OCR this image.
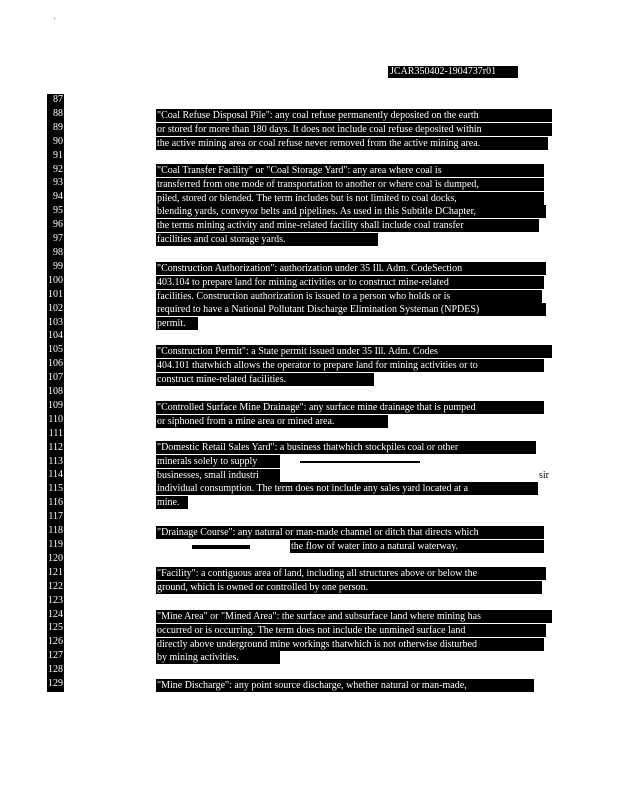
JCAR350402-1904737r01
87
88
89
90
91
92
93
94
95
96
97
98
99
100
101
102
103
104
105
106
107
108
109
110
111
112
113
114
115
116
117
118
119
120
121
122
123
124
125
126
127
128
129
"Coal Refuse Disposal Pile": any coal refuse permanently deposited on the earth
or stored for more than 180 days. It does not include coal refuse deposited within
the active mining area or coal refuse never removed from the active mining area.
"Coal Transfer Facility" or "Coal Storage Yard": any area where coal is
transferred from one mode of transportation to another or where coal is dumped,
piled, stored or blended. The term includes but is not limited to coal docks,
blending yards, conveyor belts and pipelines. As used in this Subtitle DChapter,
the terms mining activity and mine-related facility shall include coal transfer
facilities and coal storage yards.
"Construction Authorization": authorization under 35 Ill. Adm. CodeSection
403.104 to prepare land for mining activities or to construct mine-related
facilities. Construction authorization is issued to a person who holds or is
required to have a National Pollutant Discharge Elimination Systeman (NPDES)
permit.
"Construction Permit": a State permit issued under 35 Ill. Adm. Codes
404.101 thatwhich allows the operator to prepare land for mining activities or to
construct mine-related facilities.
"Controlled Surface Mine Drainage": any surface mine drainage that is pumped
or siphoned from a mine area or mined area.
"Domestic Retail Sales Yard": a business thatwhich stockpiles coal or other
minerals solely to supply
businesses, small industri
individual consumption. The term does not include any sales yard located at a
mine.
"Drainage Course": any natural or man-made channel or ditch that directs which
the flow of water into a natural waterway.
"Facility": a contiguous area of land, including all structures above or below the
ground, which is owned or controlled by one person.
"Mine Area" or "Mined Area": the surface and subsurface land where mining has
occurred or is occurring. The term does not include the unmined surface land
directly above underground mine workings thatwhich is not otherwise disturbed
by mining activities.
"Mine Discharge": any point source discharge, whether natural or man-made,
sir
